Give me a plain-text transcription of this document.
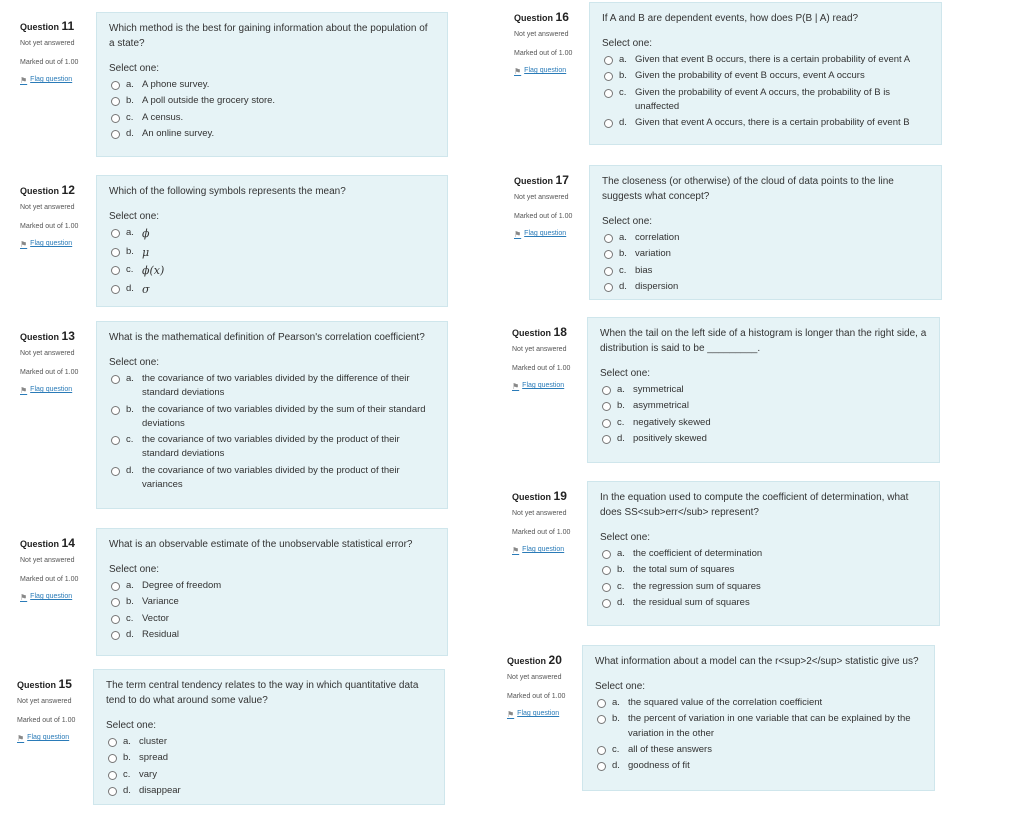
Question 11
Not yet answered
Marked out of 1.00
⚑ Flag question

Which method is the best for gaining information about the population of a state?

Select one:
a. A phone survey.
b. A poll outside the grocery store.
c. A census.
d. An online survey.
Question 12
Not yet answered
Marked out of 1.00
⚑ Flag question

Which of the following symbols represents the mean?

Select one:
a. ϕ
b. μ
c. ϕ(x)
d. σ
Question 13
Not yet answered
Marked out of 1.00
⚑ Flag question

What is the mathematical definition of Pearson's correlation coefficient?

Select one:
a. the covariance of two variables divided by the difference of their standard deviations
b. the covariance of two variables divided by the sum of their standard deviations
c. the covariance of two variables divided by the product of their standard deviations
d. the covariance of two variables divided by the product of their variances
Question 14
Not yet answered
Marked out of 1.00
⚑ Flag question

What is an observable estimate of the unobservable statistical error?

Select one:
a. Degree of freedom
b. Variance
c. Vector
d. Residual
Question 15
Not yet answered
Marked out of 1.00
⚑ Flag question

The term central tendency relates to the way in which quantitative data tend to do what around some value?

Select one:
a. cluster
b. spread
c. vary
d. disappear
Question 16
Not yet answered
Marked out of 1.00
⚑ Flag question

If A and B are dependent events, how does P(B | A) read?

Select one:
a. Given that event B occurs, there is a certain probability of event A
b. Given the probability of event B occurs, event A occurs
c. Given the probability of event A occurs, the probability of B is unaffected
d. Given that event A occurs, there is a certain probability of event B
Question 17
Not yet answered
Marked out of 1.00
⚑ Flag question

The closeness (or otherwise) of the cloud of data points to the line suggests what concept?

Select one:
a. correlation
b. variation
c. bias
d. dispersion
Question 18
Not yet answered
Marked out of 1.00
⚑ Flag question

When the tail on the left side of a histogram is longer than the right side, a distribution is said to be _________.

Select one:
a. symmetrical
b. asymmetrical
c. negatively skewed
d. positively skewed
Question 19
Not yet answered
Marked out of 1.00
⚑ Flag question

In the equation used to compute the coefficient of determination, what does SS<sub>err</sub> represent?

Select one:
a. the coefficient of determination
b. the total sum of squares
c. the regression sum of squares
d. the residual sum of squares
Question 20
Not yet answered
Marked out of 1.00
⚑ Flag question

What information about a model can the r<sup>2</sup> statistic give us?

Select one:
a. the squared value of the correlation coefficient
b. the percent of variation in one variable that can be explained by the variation in the other
c. all of these answers
d. goodness of fit
